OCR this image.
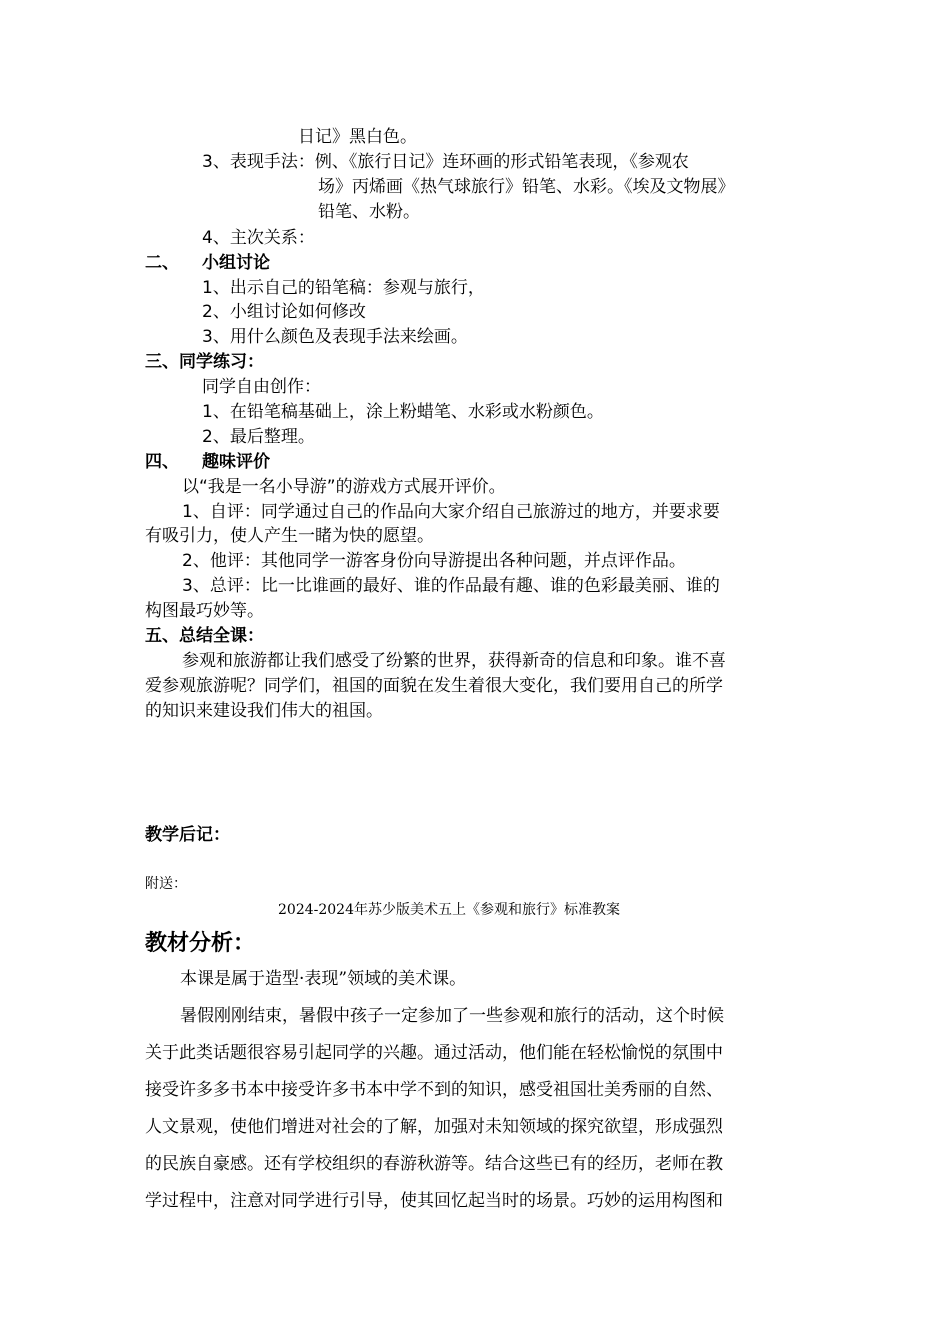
日记》黑白色。
3、表现手法：例、《旅行日记》连环画的形式铅笔表现，《参观农
场》丙烯画《热气球旅行》铅笔、水彩。《埃及文物展》
铅笔、水粉。
4、主次关系：
二、 小组讨论
1、出示自己的铅笔稿：参观与旅行，
2、小组讨论如何修改
3、用什么颜色及表现手法来绘画。
三、同学练习：
同学自由创作：
1、在铅笔稿基础上，涂上粉蜡笔、水彩或水粉颜色。
2、最后整理。
四、 趣味评价
以“我是一名小导游”的游戏方式展开评价。
1、自评：同学通过自己的作品向大家介绍自己旅游过的地方，并要求要
有吸引力，使人产生一睹为快的愿望。
2、他评：其他同学一游客身份向导游提出各种问题，并点评作品。
3、总评：比一比谁画的最好、谁的作品最有趣、谁的色彩最美丽、谁的
构图最巧妙等。
五、总结全课：
参观和旅游都让我们感受了纷繁的世界，获得新奇的信息和印象。谁不喜
爱参观旅游呢？同学们，祖国的面貌在发生着很大变化，我们要用自己的所学
的知识来建设我们伟大的祖国。
教学后记：
附送：
2024-2024年苏少版美术五上《参观和旅行》标准教案
教材分析：
本课是属于造型·表现”领域的美术课。
暑假刚刚结束，暑假中孩子一定参加了一些参观和旅行的活动，这个时候
关于此类话题很容易引起同学的兴趣。通过活动，他们能在轻松愉悦的氛围中
接受许多多书本中接受许多书本中学不到的知识，感受祖国壮美秀丽的自然、
人文景观，使他们增进对社会的了解，加强对未知领域的探究欲望，形成强烈
的民族自豪感。还有学校组织的春游秋游等。结合这些已有的经历，老师在教
学过程中，注意对同学进行引导，使其回忆起当时的场景。巧妙的运用构图和
